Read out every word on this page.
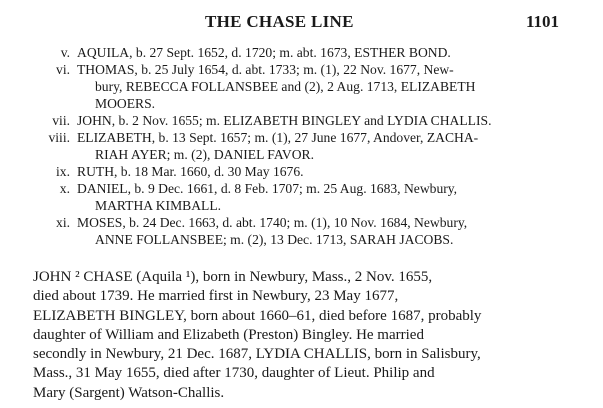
THE CHASE LINE	1101
v. AQUILA, b. 27 Sept. 1652, d. 1720; m. abt. 1673, ESTHER BOND.
vi. THOMAS, b. 25 July 1654, d. abt. 1733; m. (1), 22 Nov. 1677, New-
bury, REBECCA FOLLANSBEE and (2), 2 Aug. 1713, ELIZABETH
MOOERS.
vii. JOHN, b. 2 Nov. 1655; m. ELIZABETH BINGLEY and LYDIA CHALLIS.
viii. ELIZABETH, b. 13 Sept. 1657; m. (1), 27 June 1677, Andover, ZACHA-
RIAH AYER; m. (2), DANIEL FAVOR.
ix. RUTH, b. 18 Mar. 1660, d. 30 May 1676.
x. DANIEL, b. 9 Dec. 1661, d. 8 Feb. 1707; m. 25 Aug. 1683, Newbury,
MARTHA KIMBALL.
xi. MOSES, b. 24 Dec. 1663, d. abt. 1740; m. (1), 10 Nov. 1684, Newbury,
ANNE FOLLANSBEE; m. (2), 13 Dec. 1713, SARAH JACOBS.
JOHN ² CHASE (Aquila ¹), born in Newbury, Mass., 2 Nov. 1655,
died about 1739. He married first in Newbury, 23 May 1677,
ELIZABETH BINGLEY, born about 1660–61, died before 1687, probably
daughter of William and Elizabeth (Preston) Bingley. He married
secondly in Newbury, 21 Dec. 1687, LYDIA CHALLIS, born in Salisbury,
Mass., 31 May 1655, died after 1730, daughter of Lieut. Philip and
Mary (Sargent) Watson-Challis.
